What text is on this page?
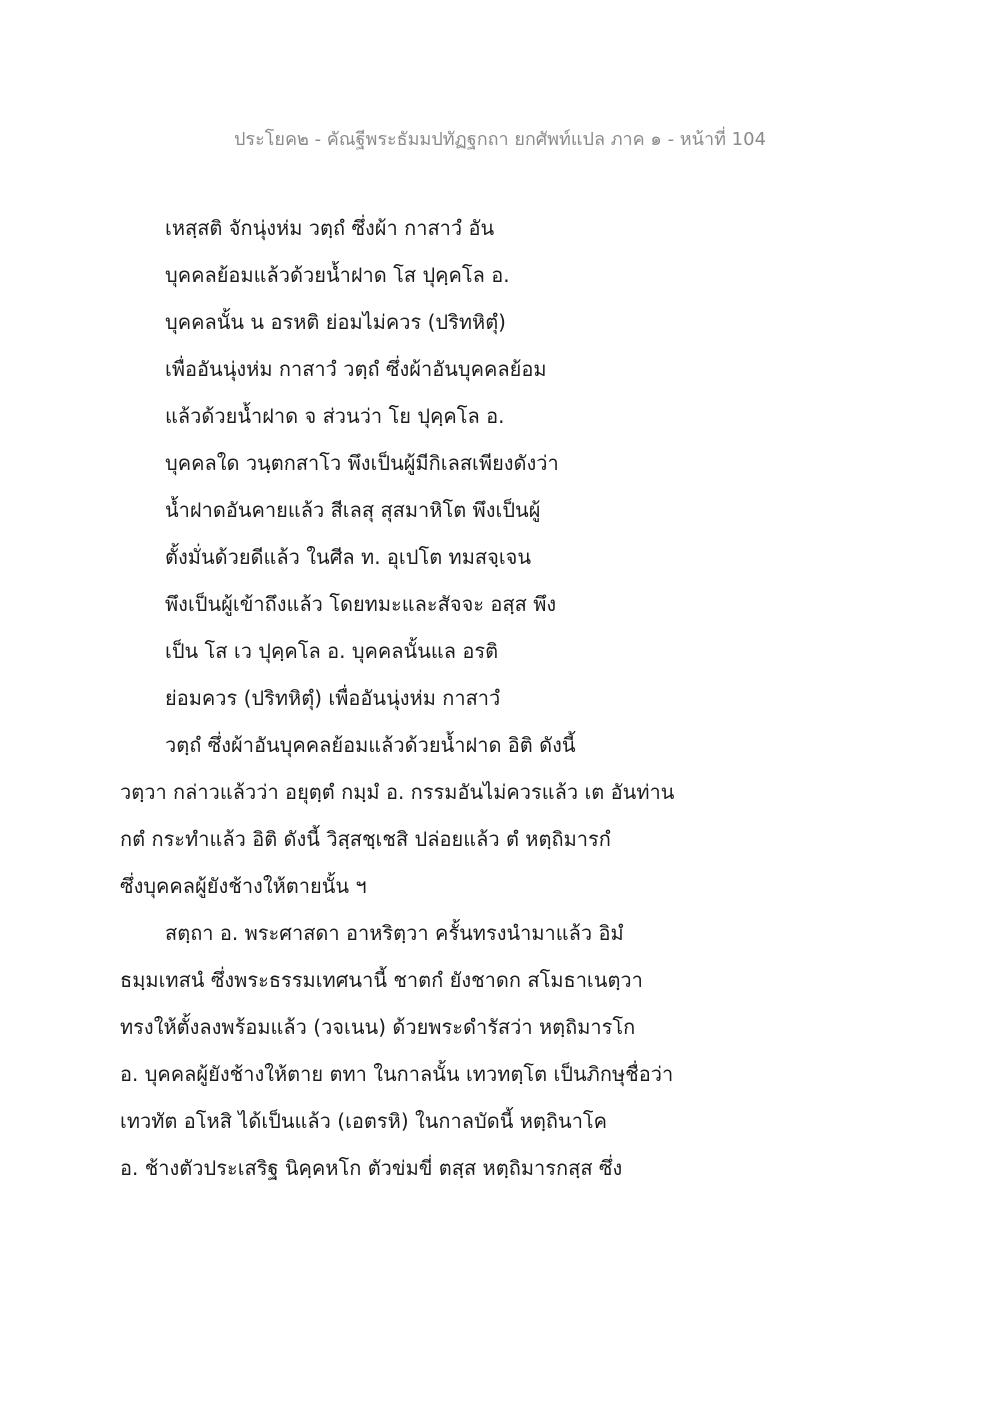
ประโยค๒ - คัณฐีพระธัมมปทัฏฐกถา ยกศัพท์แปล ภาค ๑ - หน้าที่ 104
เหสฺสติ จักนุ่งห่ม วตฺถํ ซึ่งผ้า กาสาวํ อัน
บุคคลย้อมแล้วด้วยน้ำฝาด โส ปุคฺคโล อ.
บุคคลนั้น น อรหติ ย่อมไม่ควร (ปริทหิตุํ)
เพื่ออันนุ่งห่ม กาสาวํ วตฺถํ ซึ่งผ้าอันบุคคลย้อม
แล้วด้วยน้ำฝาด จ ส่วนว่า โย ปุคฺคโล อ.
บุคคลใด วนฺตกสาโว พึงเป็นผู้มีกิเลสเพียงดังว่า
น้ำฝาดอันคายแล้ว สีเลสุ สุสมาหิโต พึงเป็นผู้
ตั้งมั่นด้วยดีแล้ว ในศีล ท. อุเปโต ทมสจฺเจน
พึงเป็นผู้เข้าถึงแล้ว โดยทมะและสัจจะ อสฺส พึง
เป็น โส เว ปุคฺคโล อ. บุคคลนั้นแล อรติ
ย่อมควร (ปริทหิตุํ) เพื่ออันนุ่งห่ม กาสาวํ
วตฺถํ ซึ่งผ้าอันบุคคลย้อมแล้วด้วยน้ำฝาด อิติ ดังนี้
วตฺวา กล่าวแล้วว่า อยุตฺตํ กมฺมํ อ. กรรมอันไม่ควรแล้ว เต อันท่าน
กตํ กระทำแล้ว อิติ ดังนี้ วิสฺสชฺเชสิ ปล่อยแล้ว ตํ หตฺถิมารกํ
ซึ่งบุคคลผู้ยังช้างให้ตายนั้น ฯ
สตฺถา อ. พระศาสดา อาหริตฺวา ครั้นทรงนำมาแล้ว อิมํ
ธมฺมเทสนํ ซึ่งพระธรรมเทศนานี้ ชาตกํ ยังชาดก สโมธาเนตฺวา
ทรงให้ตั้งลงพร้อมแล้ว (วจเนน) ด้วยพระดำรัสว่า หตฺถิมารโก
อ. บุคคลผู้ยังช้างให้ตาย ตทา ในกาลนั้น เทวทตฺโต เป็นภิกษุชื่อว่า
เทวทัต อโหสิ ได้เป็นแล้ว (เอตรหิ) ในกาลบัดนี้ หตฺถินาโค
อ. ช้างตัวประเสริฐ นิคฺคหโก ตัวข่มขี่ ตสฺส หตฺถิมารกสฺส ซึ่ง
